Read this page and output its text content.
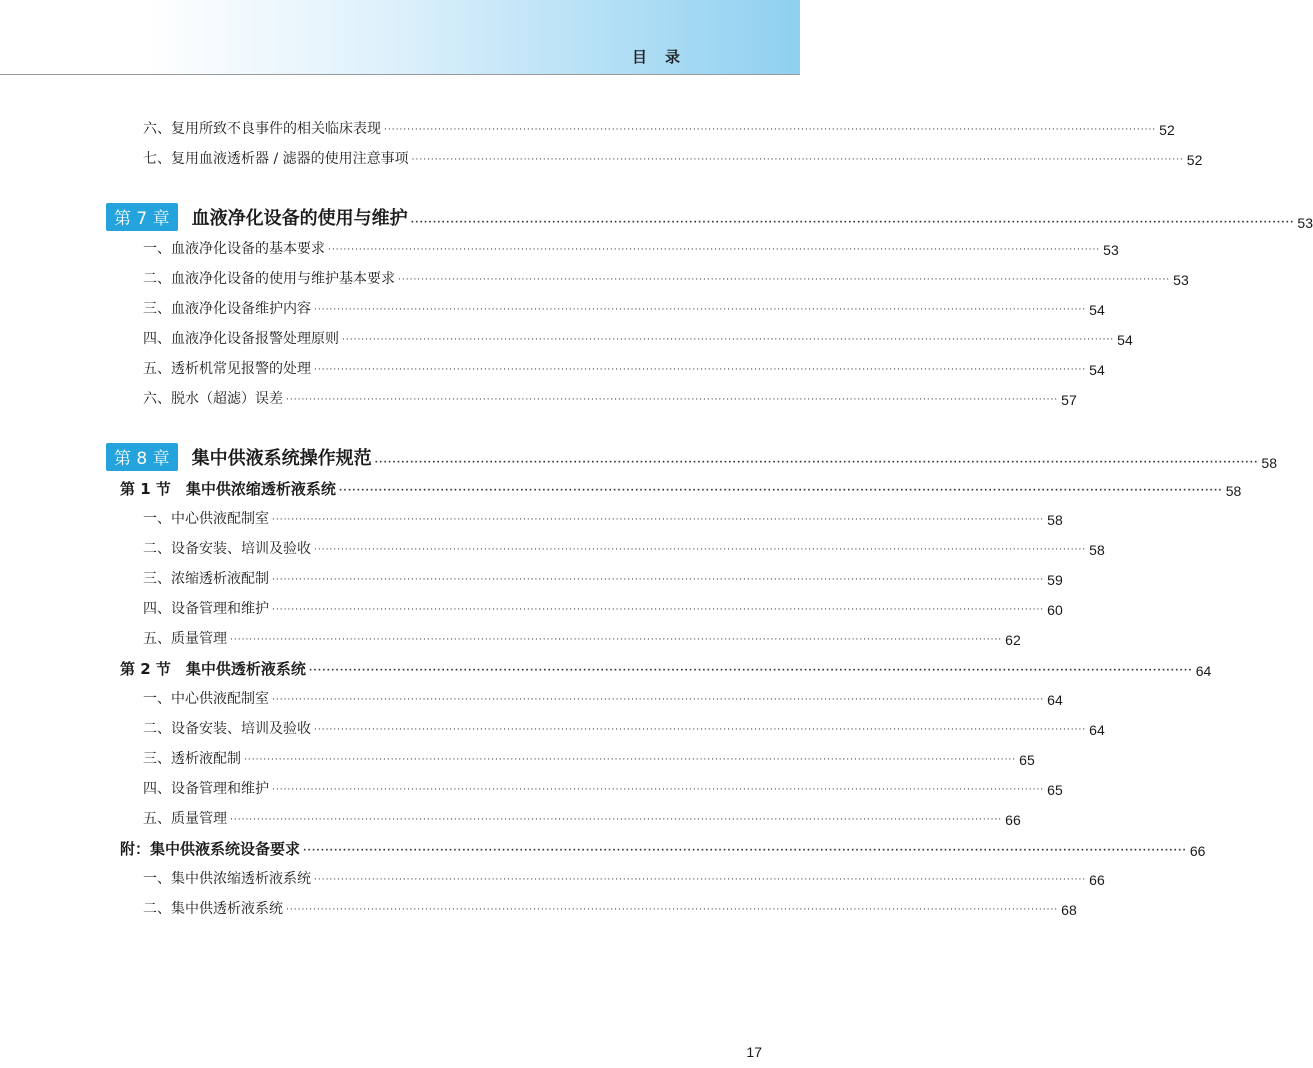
目录
六、复用所致不良事件的相关临床表现 ········································································································································································································ 52
七、复用血液透析器 / 滤器的使用注意事项 ········································································································································································································ 52
第 7 章 血液净化设备的使用与维护 ········································································································································································································ 53
一、血液净化设备的基本要求 ········································································································································································································ 53
二、血液净化设备的使用与维护基本要求 ········································································································································································································ 53
三、血液净化设备维护内容 ········································································································································································································ 54
四、血液净化设备报警处理原则 ········································································································································································································ 54
五、透析机常见报警的处理 ········································································································································································································ 54
六、脱水（超滤）误差 ········································································································································································································ 57
第 8 章 集中供液系统操作规范 ········································································································································································································ 58
第 1 节　集中供浓缩透析液系统 ········································································································································································································ 58
一、中心供液配制室 ········································································································································································································ 58
二、设备安装、培训及验收 ········································································································································································································ 58
三、浓缩透析液配制 ········································································································································································································ 59
四、设备管理和维护 ········································································································································································································ 60
五、质量管理 ········································································································································································································ 62
第 2 节　集中供透析液系统 ········································································································································································································ 64
一、中心供液配制室 ········································································································································································································ 64
二、设备安装、培训及验收 ········································································································································································································ 64
三、透析液配制 ········································································································································································································ 65
四、设备管理和维护 ········································································································································································································ 65
五、质量管理 ········································································································································································································ 66
附：集中供液系统设备要求 ········································································································································································································ 66
一、集中供浓缩透析液系统 ········································································································································································································ 66
二、集中供透析液系统 ········································································································································································································ 68
17
